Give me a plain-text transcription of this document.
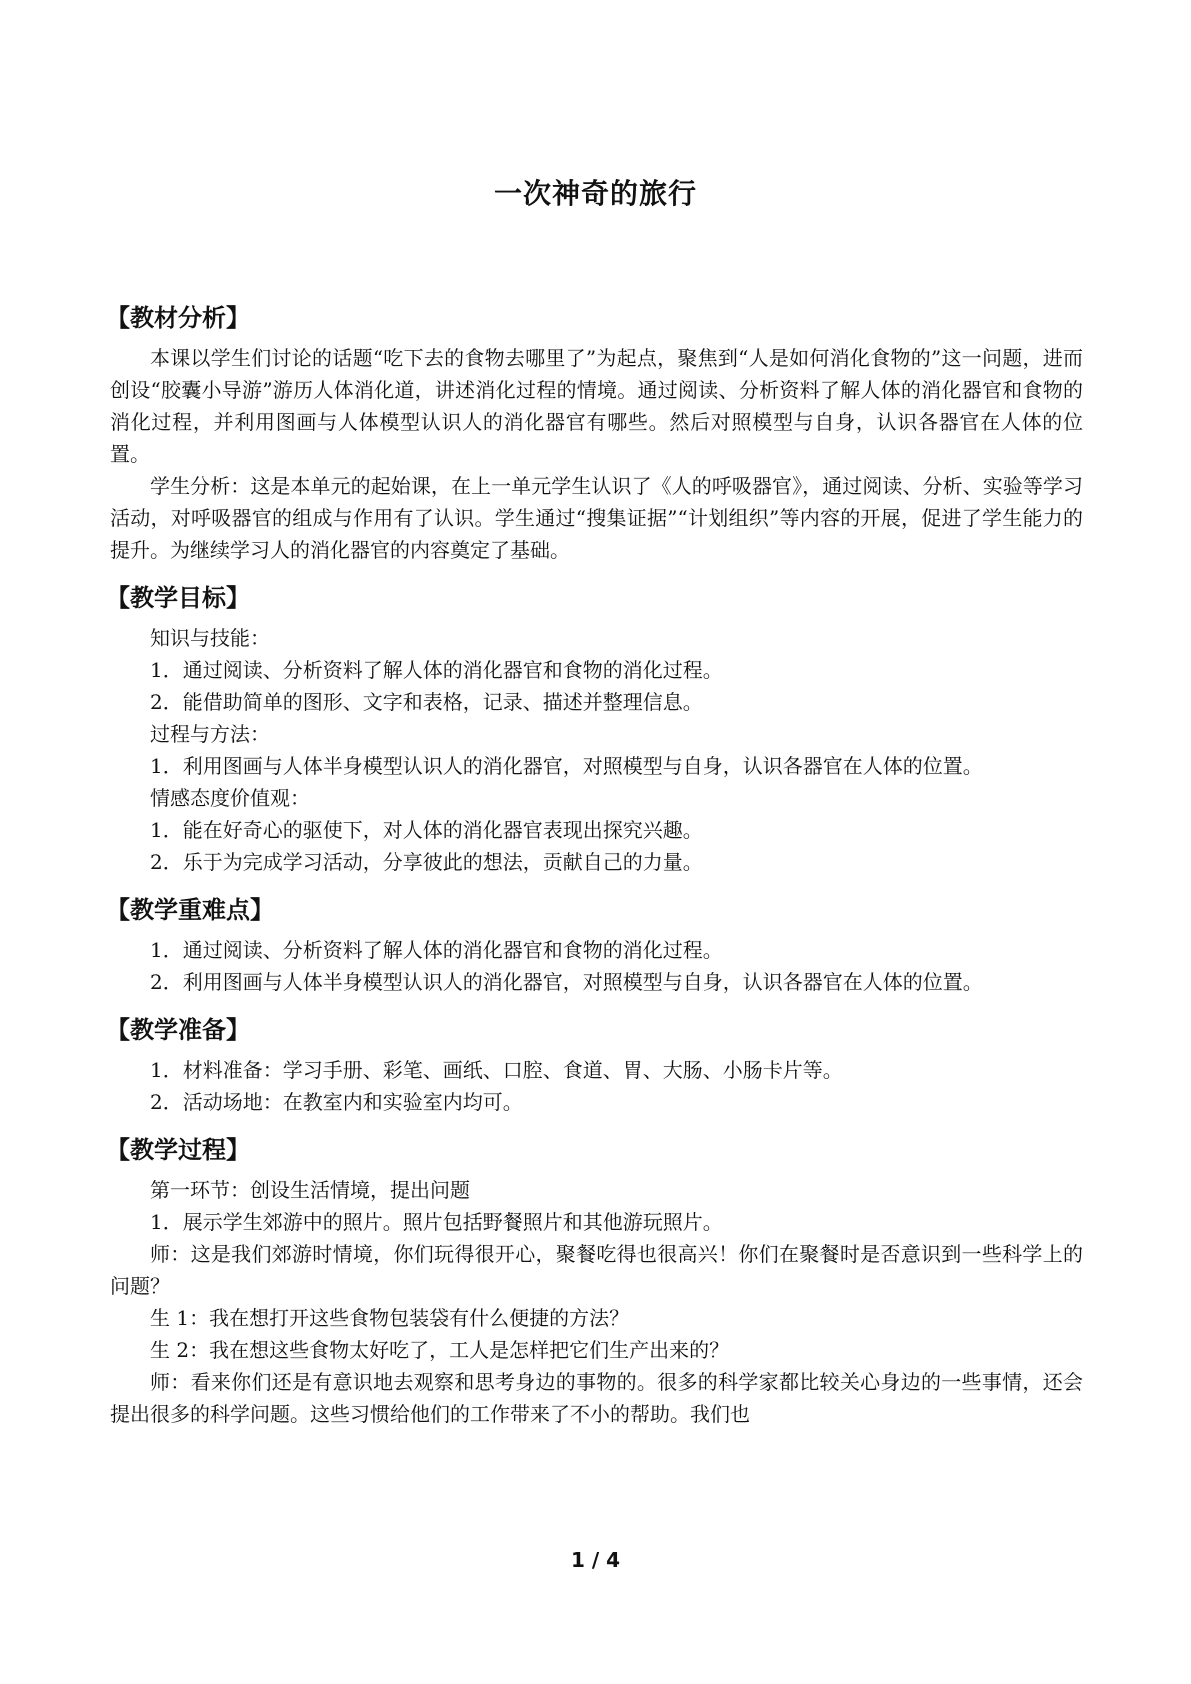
一次神奇的旅行
【教材分析】

本课以学生们讨论的话题“吃下去的食物去哪里了”为起点，聚焦到“人是如何消化食物的”这一问题，进而创设“胶囊小导游”游历人体消化道，讲述消化过程的情境。通过阅读、分析资料了解人体的消化器官和食物的消化过程，并利用图画与人体模型认识人的消化器官有哪些。然后对照模型与自身，认识各器官在人体的位置。

学生分析：这是本单元的起始课，在上一单元学生认识了《人的呼吸器官》，通过阅读、分析、实验等学习活动，对呼吸器官的组成与作用有了认识。学生通过“搜集证据”“计划组织”等内容的开展，促进了学生能力的提升。为继续学习人的消化器官的内容奠定了基础。

【教学目标】

知识与技能：

1．通过阅读、分析资料了解人体的消化器官和食物的消化过程。

2．能借助简单的图形、文字和表格，记录、描述并整理信息。

过程与方法：

1．利用图画与人体半身模型认识人的消化器官，对照模型与自身，认识各器官在人体的位置。

情感态度价值观：

1．能在好奇心的驱使下，对人体的消化器官表现出探究兴趣。

2．乐于为完成学习活动，分享彼此的想法，贡献自己的力量。

【教学重难点】

1．通过阅读、分析资料了解人体的消化器官和食物的消化过程。

2．利用图画与人体半身模型认识人的消化器官，对照模型与自身，认识各器官在人体的位置。

【教学准备】

1．材料准备：学习手册、彩笔、画纸、口腔、食道、胃、大肠、小肠卡片等。

2．活动场地：在教室内和实验室内均可。

【教学过程】

第一环节：创设生活情境，提出问题

1．展示学生郊游中的照片。照片包括野餐照片和其他游玩照片。

师：这是我们郊游时情境，你们玩得很开心，聚餐吃得也很高兴！你们在聚餐时是否意识到一些科学上的问题？

生 1：我在想打开这些食物包装袋有什么便捷的方法？

生 2：我在想这些食物太好吃了，工人是怎样把它们生产出来的？

师：看来你们还是有意识地去观察和思考身边的事物的。很多的科学家都比较关心身边的一些事情，还会提出很多的科学问题。这些习惯给他们的工作带来了不小的帮助。我们也

1 / 4
